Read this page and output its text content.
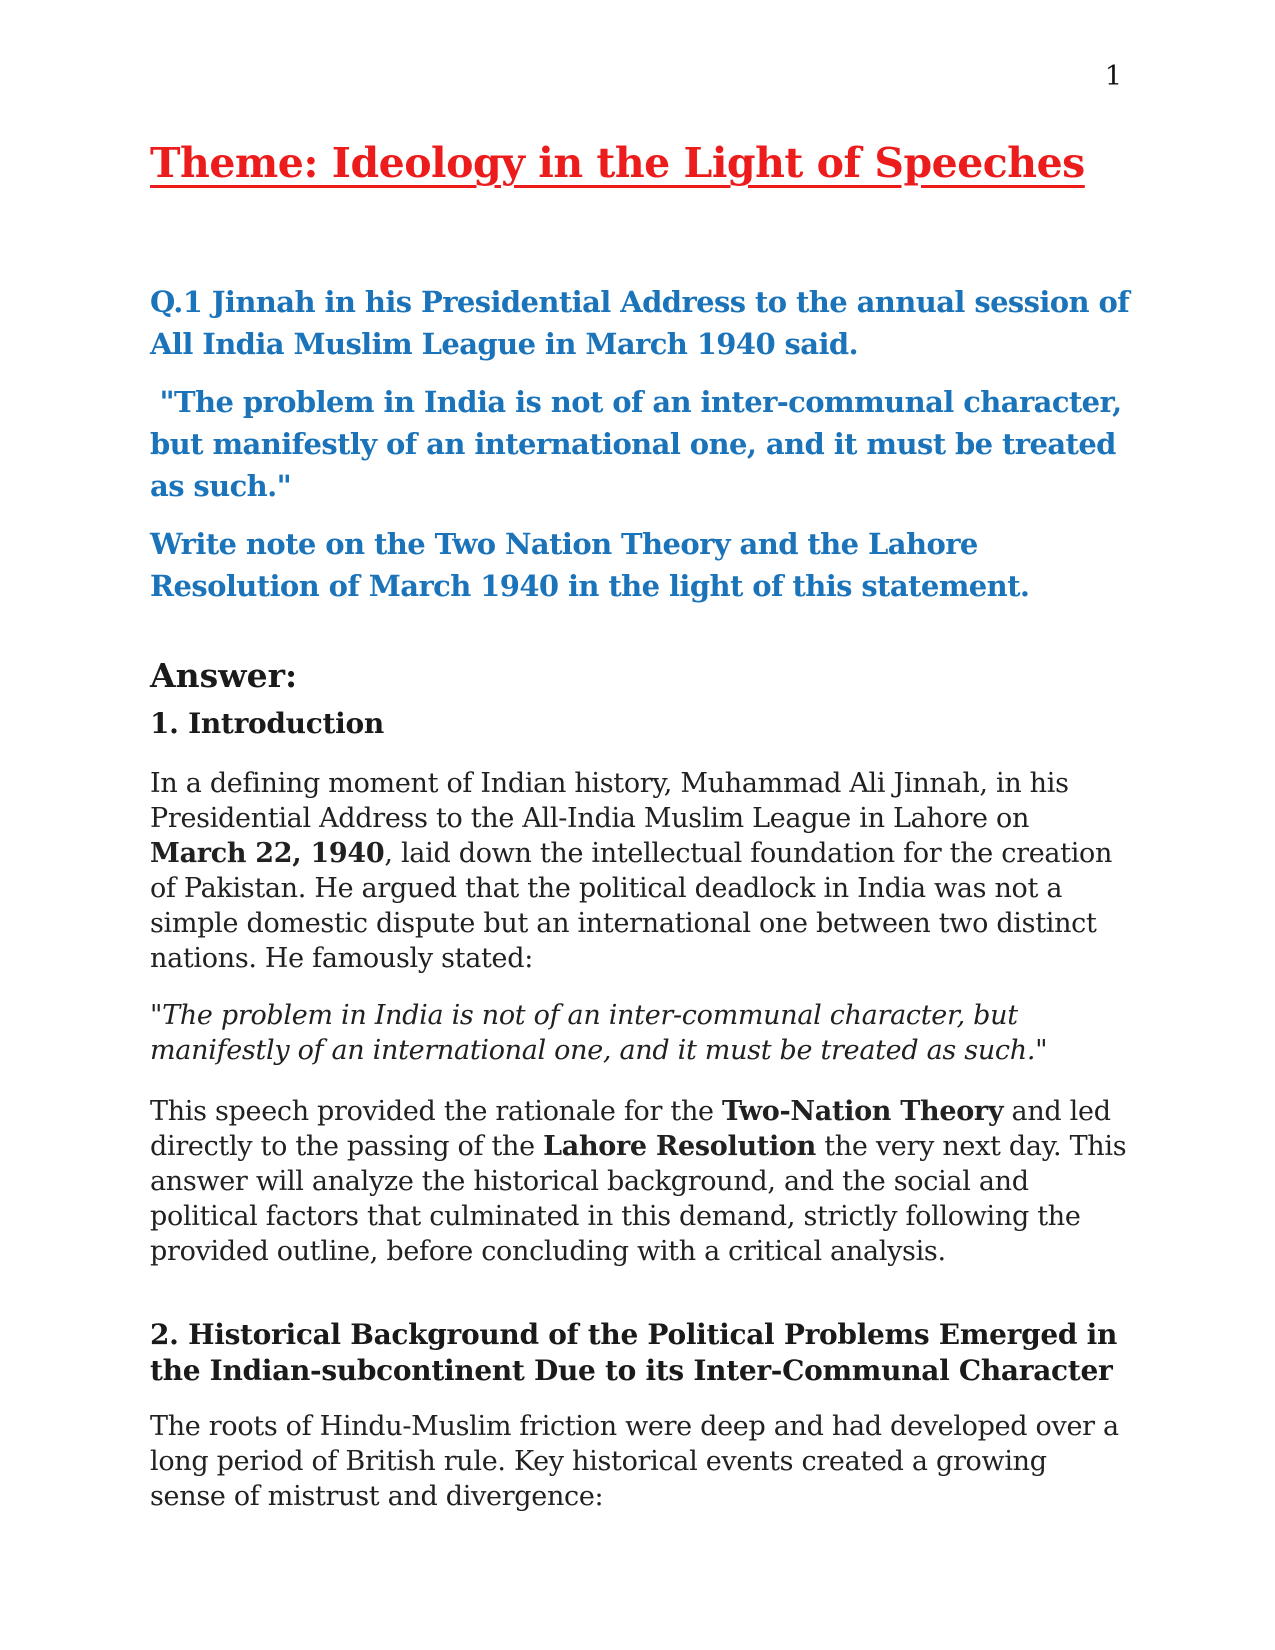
1
Theme: Ideology in the Light of Speeches

Q.1 Jinnah in his Presidential Address to the annual session of All India Muslim League in March 1940 said.

"The problem in India is not of an inter-communal character, but manifestly of an international one, and it must be treated as such."

Write note on the Two Nation Theory and the Lahore Resolution of March 1940 in the light of this statement.

Answer:
1. Introduction

In a defining moment of Indian history, Muhammad Ali Jinnah, in his Presidential Address to the All-India Muslim League in Lahore on March 22, 1940, laid down the intellectual foundation for the creation of Pakistan. He argued that the political deadlock in India was not a simple domestic dispute but an international one between two distinct nations. He famously stated:

"The problem in India is not of an inter-communal character, but manifestly of an international one, and it must be treated as such."

This speech provided the rationale for the Two-Nation Theory and led directly to the passing of the Lahore Resolution the very next day. This answer will analyze the historical background, and the social and political factors that culminated in this demand, strictly following the provided outline, before concluding with a critical analysis.

2. Historical Background of the Political Problems Emerged in the Indian-subcontinent Due to its Inter-Communal Character

The roots of Hindu-Muslim friction were deep and had developed over a long period of British rule. Key historical events created a growing sense of mistrust and divergence:
